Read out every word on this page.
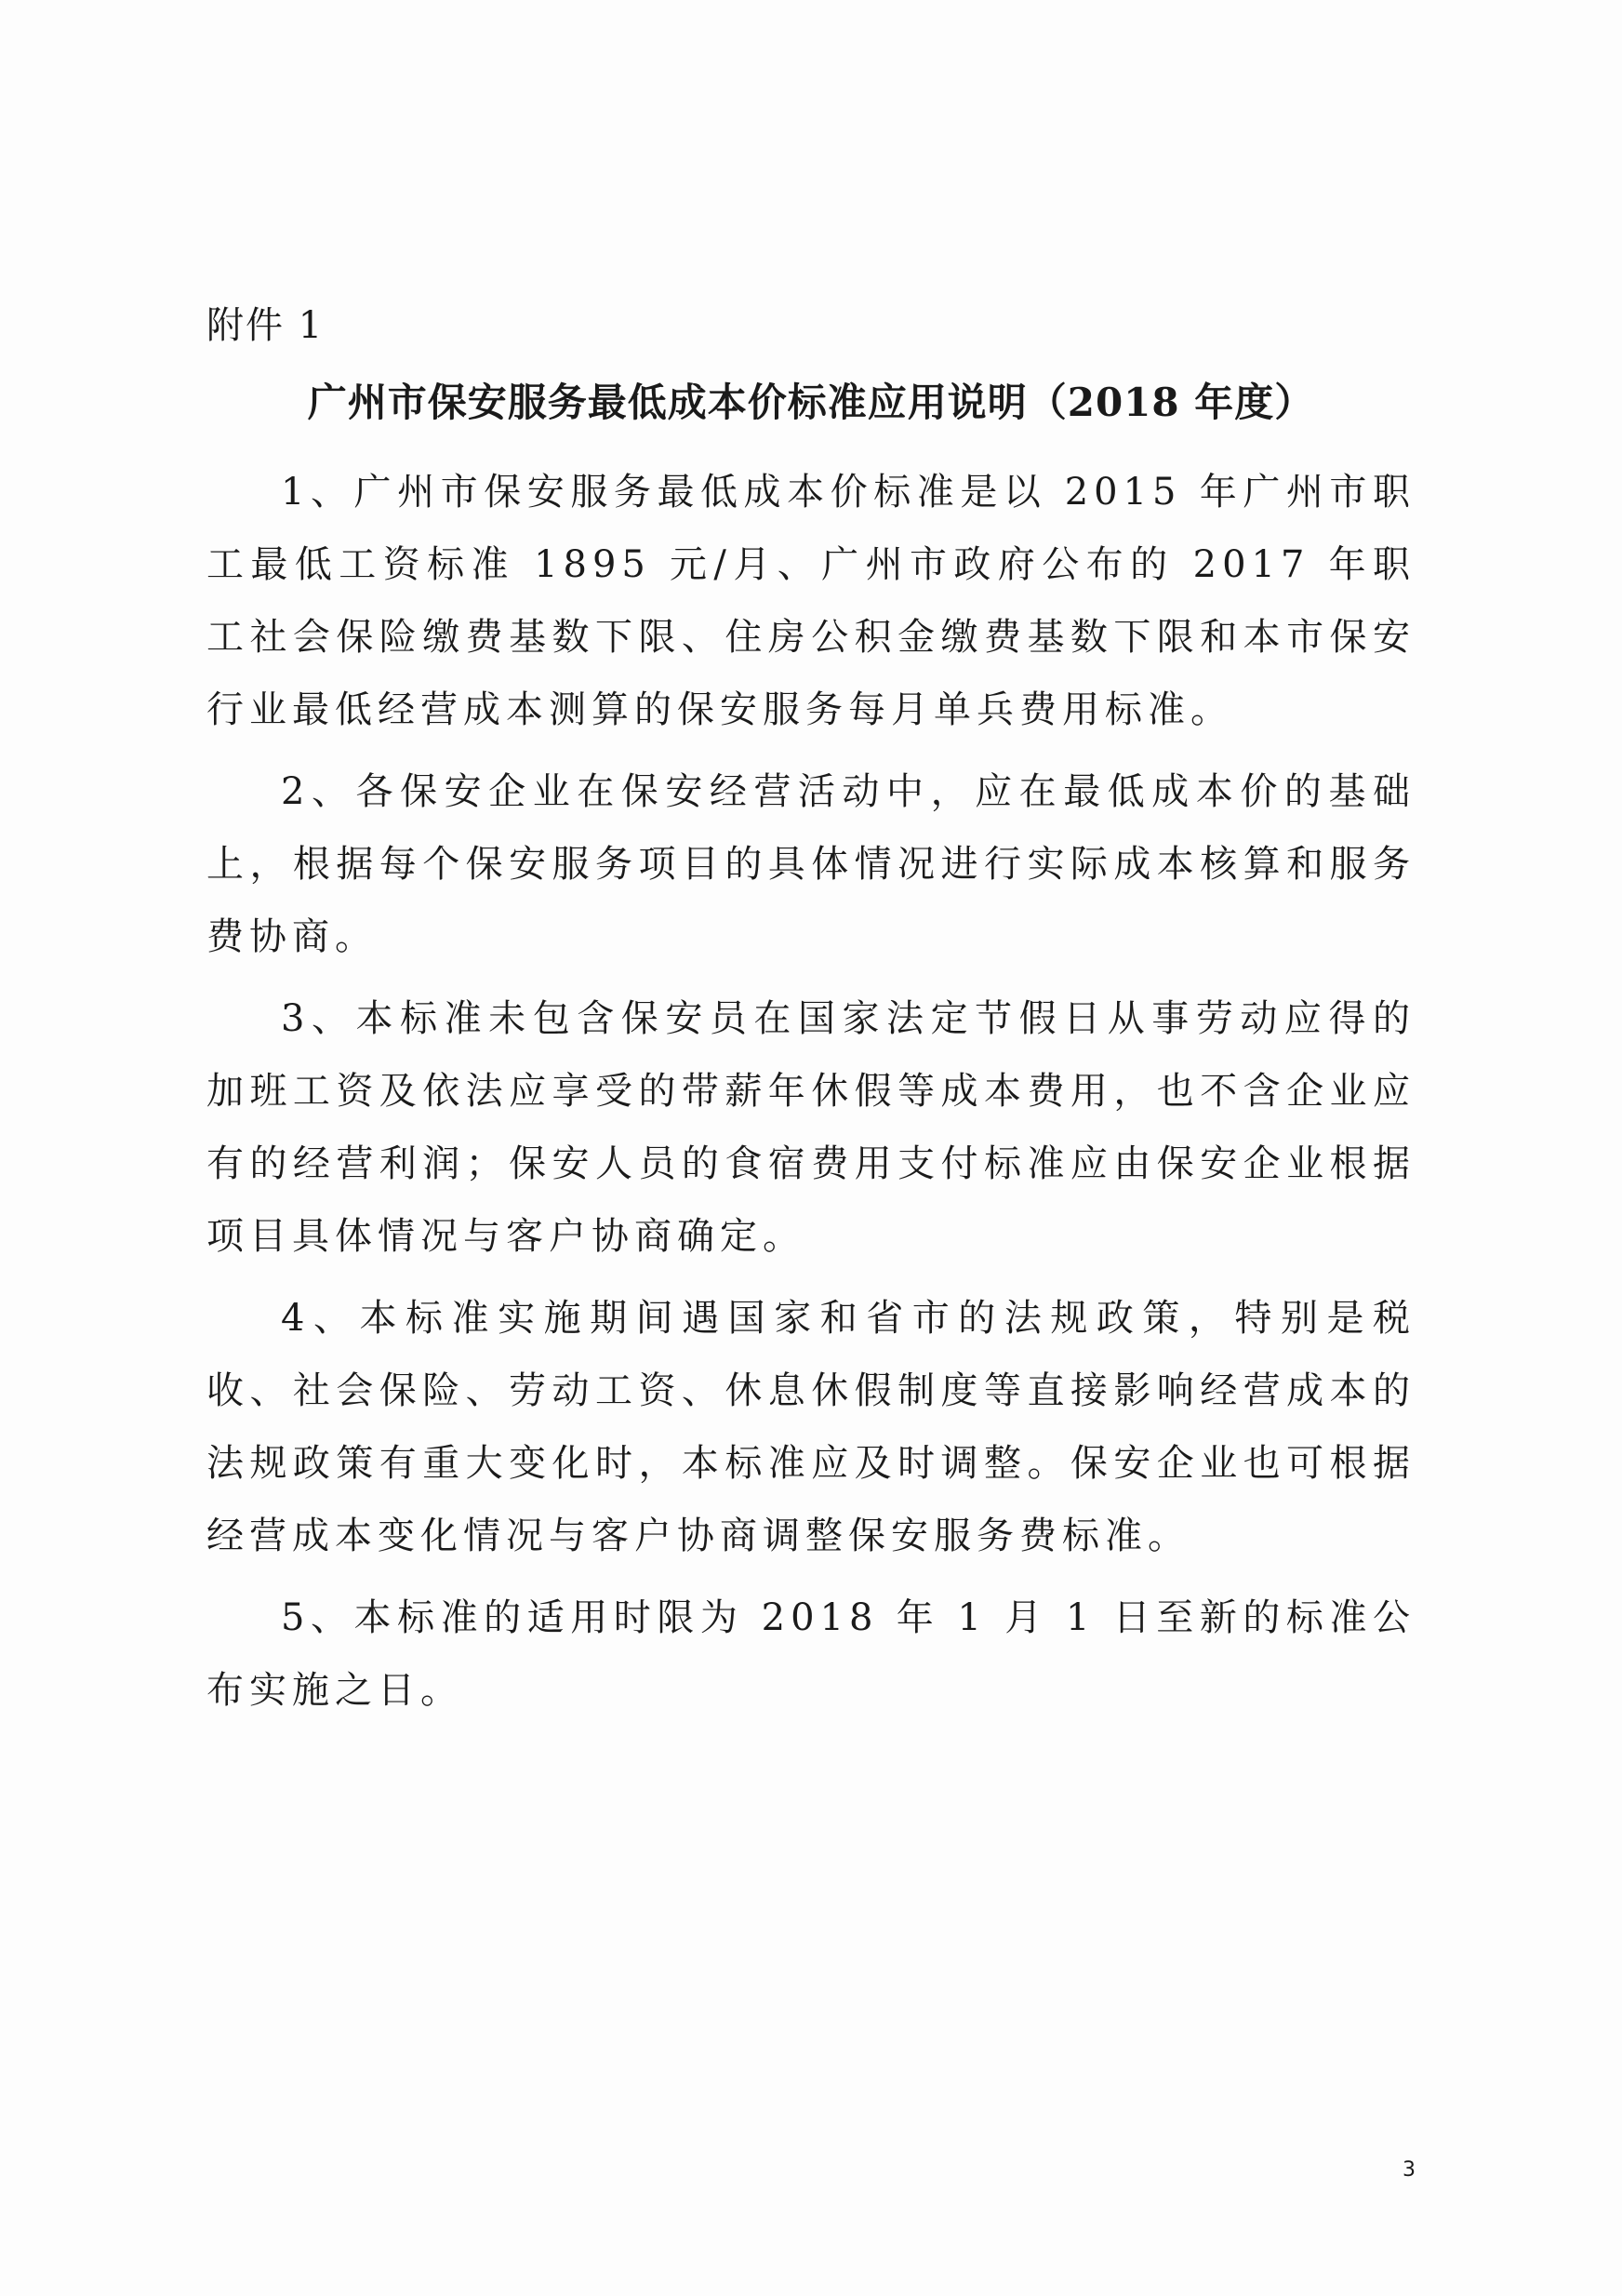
附件 1
广州市保安服务最低成本价标准应用说明（2018 年度）

1、广州市保安服务最低成本价标准是以 2015 年广州市职工最低工资标准 1895 元/月、广州市政府公布的 2017 年职工社会保险缴费基数下限、住房公积金缴费基数下限和本市保安行业最低经营成本测算的保安服务每月单兵费用标准。

2、各保安企业在保安经营活动中，应在最低成本价的基础上，根据每个保安服务项目的具体情况进行实际成本核算和服务费协商。

3、本标准未包含保安员在国家法定节假日从事劳动应得的加班工资及依法应享受的带薪年休假等成本费用，也不含企业应有的经营利润；保安人员的食宿费用支付标准应由保安企业根据项目具体情况与客户协商确定。

4、本标准实施期间遇国家和省市的法规政策，特别是税收、社会保险、劳动工资、休息休假制度等直接影响经营成本的法规政策有重大变化时，本标准应及时调整。保安企业也可根据经营成本变化情况与客户协商调整保安服务费标准。

5、本标准的适用时限为 2018 年 1 月 1 日至新的标准公布实施之日。

3
